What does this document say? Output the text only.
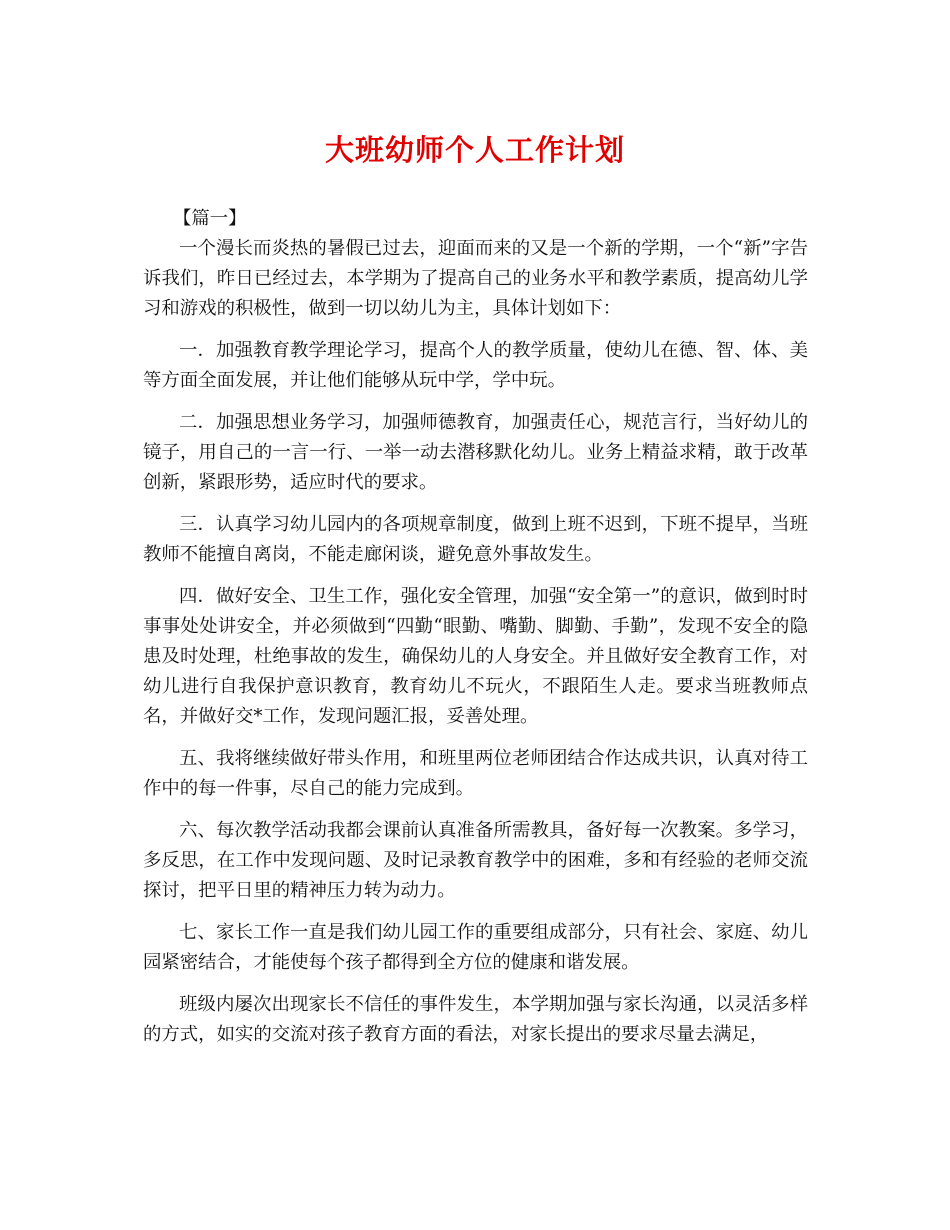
大班幼师个人工作计划

【篇一】

一个漫长而炎热的暑假已过去，迎面而来的又是一个新的学期，一个“新”字告诉我们，昨日已经过去，本学期为了提高自己的业务水平和教学素质，提高幼儿学习和游戏的积极性，做到一切以幼儿为主，具体计划如下：

一．加强教育教学理论学习，提高个人的教学质量，使幼儿在德、智、体、美等方面全面发展，并让他们能够从玩中学，学中玩。

二．加强思想业务学习，加强师德教育，加强责任心，规范言行，当好幼儿的镜子，用自己的一言一行、一举一动去潜移默化幼儿。业务上精益求精，敢于改革创新，紧跟形势，适应时代的要求。

三．认真学习幼儿园内的各项规章制度，做到上班不迟到，下班不提早，当班教师不能擅自离岗，不能走廊闲谈，避免意外事故发生。

四．做好安全、卫生工作，强化安全管理，加强“安全第一”的意识，做到时时事事处处讲安全，并必须做到“四勤“眼勤、嘴勤、脚勤、手勤”，发现不安全的隐患及时处理，杜绝事故的发生，确保幼儿的人身安全。并且做好安全教育工作，对幼儿进行自我保护意识教育，教育幼儿不玩火，不跟陌生人走。要求当班教师点名，并做好交*工作，发现问题汇报，妥善处理。

五、我将继续做好带头作用，和班里两位老师团结合作达成共识，认真对待工作中的每一件事，尽自己的能力完成到。

六、每次教学活动我都会课前认真准备所需教具，备好每一次教案。多学习，多反思，在工作中发现问题、及时记录教育教学中的困难，多和有经验的老师交流探讨，把平日里的精神压力转为动力。

七、家长工作一直是我们幼儿园工作的重要组成部分，只有社会、家庭、幼儿园紧密结合，才能使每个孩子都得到全方位的健康和谐发展。

班级内屡次出现家长不信任的事件发生，本学期加强与家长沟通，以灵活多样的方式，如实的交流对孩子教育方面的看法，对家长提出的要求尽量去满足，
